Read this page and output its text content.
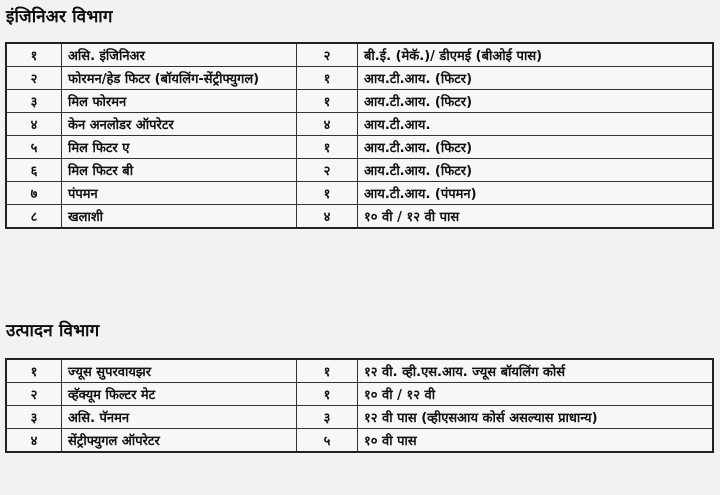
इंजिनिअर विभाग
१	असि. इंजिनिअर	२	बी.ई. (मेकॅ.)/ डीएमई (बीओई पास)
२	फोरमन/हेड फिटर (बॉयलिंग-सेंट्रीफ्युगल)	१	आय.टी.आय. (फिटर)
३	मिल फोरमन	१	आय.टी.आय. (फिटर)
४	केन अनलोडर ऑपरेटर	४	आय.टी.आय.
५	मिल फिटर ए	१	आय.टी.आय. (फिटर)
६	मिल फिटर बी	२	आय.टी.आय. (फिटर)
७	पंपमन	१	आय.टी.आय. (पंपमन)
८	खलाशी	४	१० वी / १२ वी पास
उत्पादन विभाग
१	ज्यूस सुपरवायझर	१	१२ वी. व्ही.एस.आय. ज्यूस बॉयलिंग कोर्स
२	व्हॅक्यूम फिल्टर मेट	१	१० वी / १२ वी
३	असि. पॅनमन	३	१२ वी पास (व्हीएसआय कोर्स असल्यास प्राधान्य)
४	सेंट्रीफ्युगल ऑपरेटर	५	१० वी पास
